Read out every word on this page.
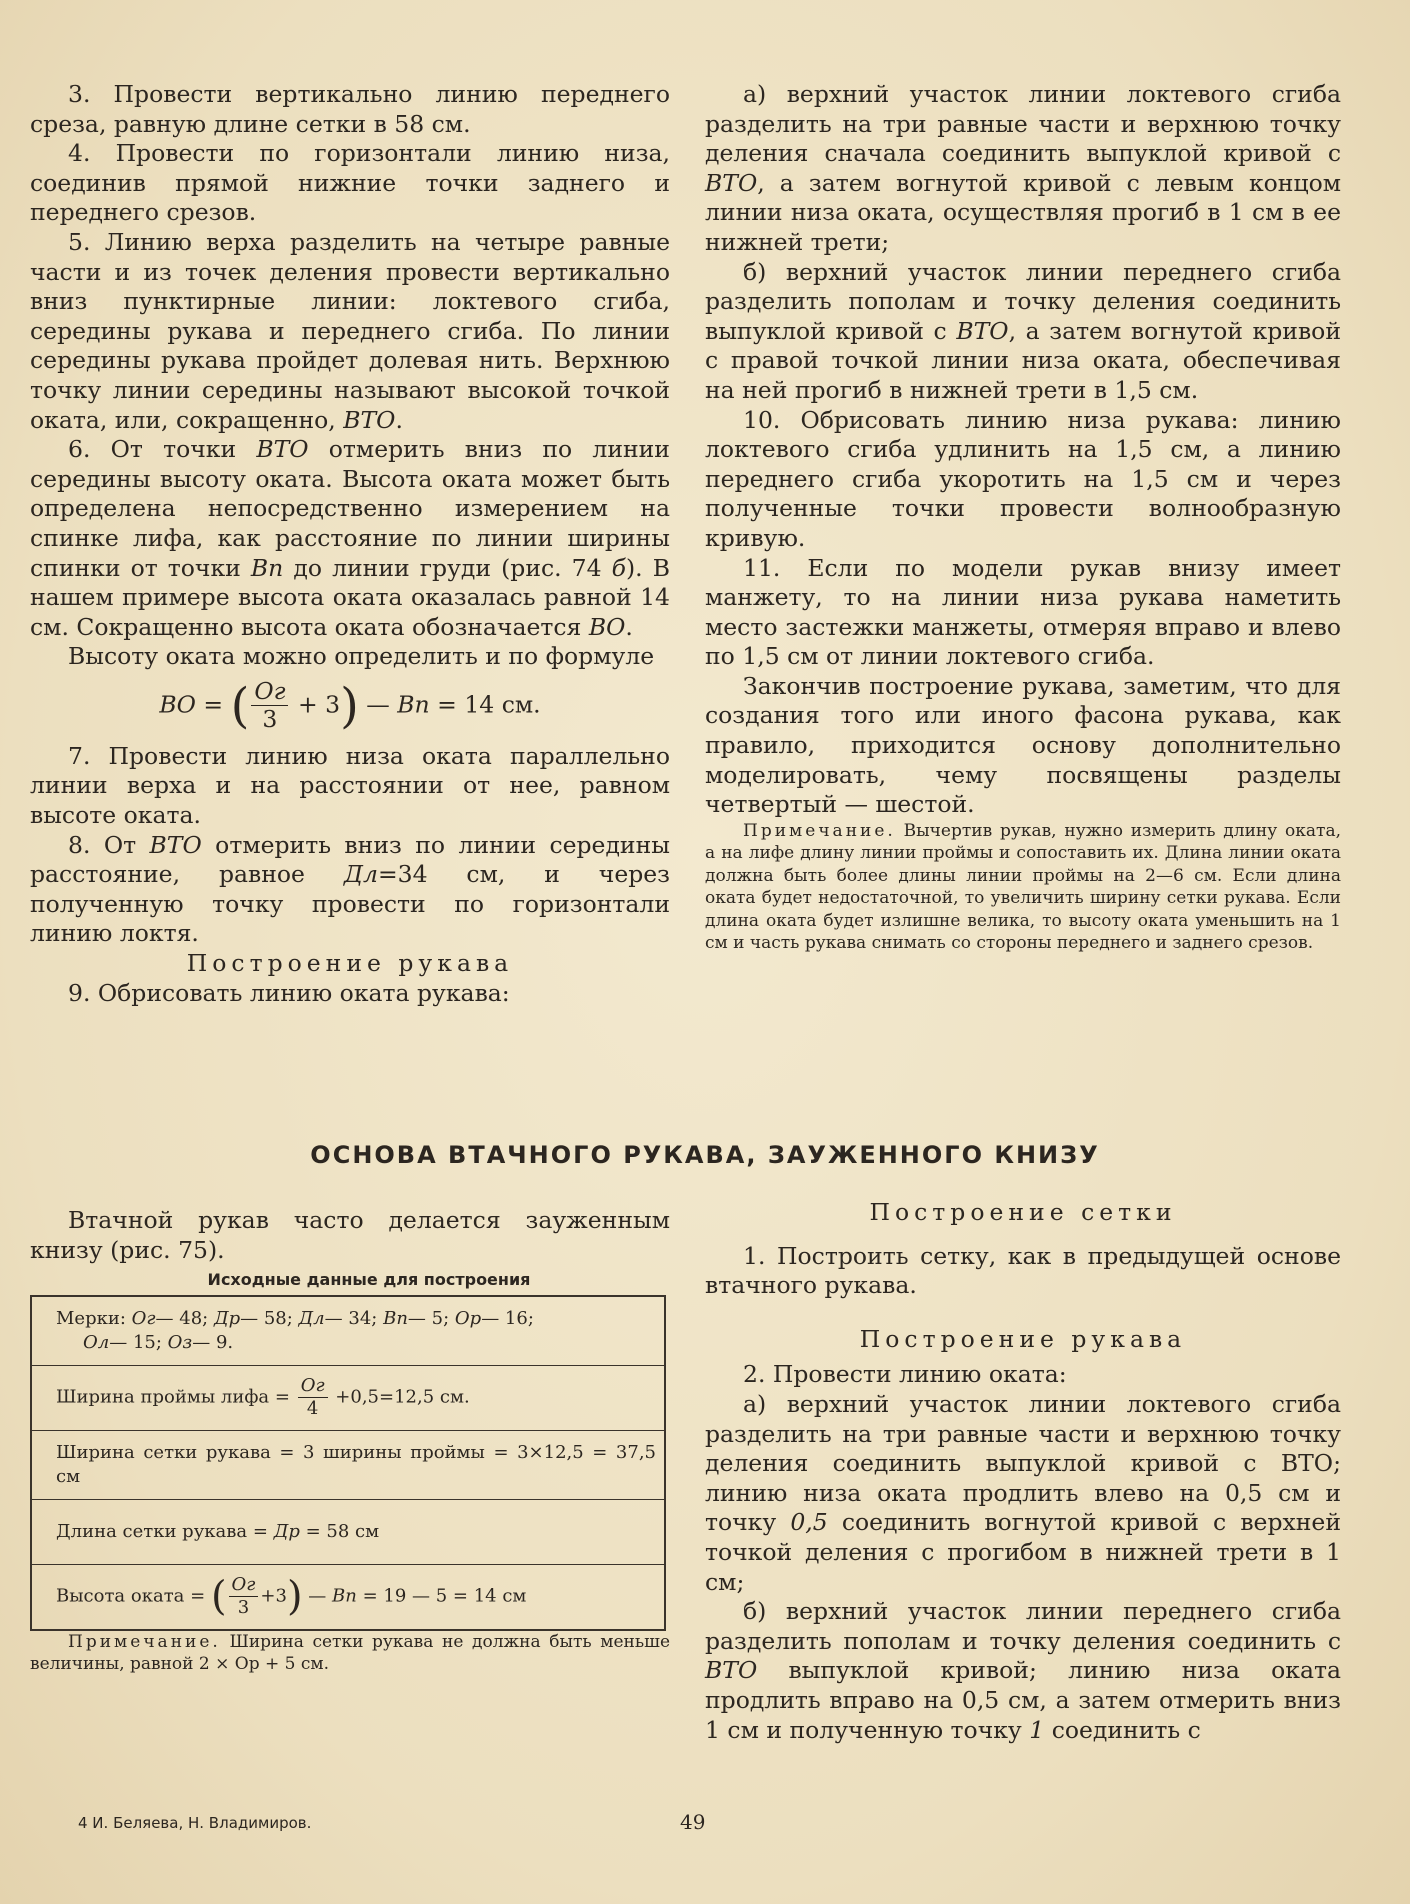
3. Провести вертикально линию переднего среза, равную длине сетки в 58 см.

4. Провести по горизонтали линию низа, соединив прямой нижние точки заднего и переднего срезов.

5. Линию верха разделить на четыре равные части и из точек деления провести вертикально вниз пунктирные линии: локтевого сгиба, середины рукава и переднего сгиба. По линии середины рукава пройдет долевая нить. Верхнюю точку линии середины называют высокой точкой оката, или, сокращенно, ВТО.

6. От точки ВТО отмерить вниз по линии середины высоту оката. Высота оката может быть определена непосредственно измерением на спинке лифа, как расстояние по линии ширины спинки от точки Вп до линии груди (рис. 74 б). В нашем примере высота оката оказалась равной 14 см. Сокращенно высота оката обозначается ВО.

Высоту оката можно определить и по формуле

ВО = ( $\frac{Ог}{3} + 3$) — Вп = 14 см.

7. Провести линию низа оката параллельно линии верха и на расстоянии от нее, равном высоте оката.

8. От ВТО отмерить вниз по линии середины расстояние, равное Дл=34 см, и через полученную точку провести по горизонтали линию локтя.

Построение рукава

9. Обрисовать линию оката рукава:

а) верхний участок линии локтевого сгиба разделить на три равные части и верхнюю точку деления сначала соединить выпуклой кривой с ВТО, а затем вогнутой кривой с левым концом линии низа оката, осуществляя прогиб в 1 см в ее нижней трети;

б) верхний участок линии переднего сгиба разделить пополам и точку деления соединить выпуклой кривой с ВТО, а затем вогнутой кривой с правой точкой линии низа оката, обеспечивая на ней прогиб в нижней трети в 1,5 см.

10. Обрисовать линию низа рукава: линию локтевого сгиба удлинить на 1,5 см, а линию переднего сгиба укоротить на 1,5 см и через полученные точки провести волнообразную кривую.

11. Если по модели рукав внизу имеет манжету, то на линии низа рукава наметить место застежки манжеты, отмеряя вправо и влево по 1,5 см от линии локтевого сгиба.

Закончив построение рукава, заметим, что для создания того или иного фасона рукава, как правило, приходится основу дополнительно моделировать, чему посвящены разделы четвертый — шестой.

Примечание. Вычертив рукав, нужно измерить длину оката, а на лифе длину линии проймы и сопоставить их. Длина линии оката должна быть более длины линии проймы на 2—6 см. Если длина оката будет недостаточной, то увеличить ширину сетки рукава. Если длина оката будет излишне велика, то высоту оката уменьшить на 1 см и часть рукава снимать со стороны переднего и заднего срезов.

ОСНОВА ВТАЧНОГО РУКАВА, ЗАУЖЕННОГО КНИЗУ

Втачной рукав часто делается зауженным книзу (рис. 75).

Исходные данные для построения

Мерки: Ог— 48; Др— 58; Дл— 34; Вп— 5; Ор— 16;
  Ол— 15; Оз— 9.
Ширина проймы лифа = $\frac{Ог}{4} +0,5=12,5$ см.
Ширина сетки рукава = 3 ширины проймы = 3×12,5 = 37,5 см
Длина сетки рукава = Др = 58 см
Высота оката = ( $\frac{Ог}{3} +3$) — Вп = 19 — 5 = 14 см

Примечание. Ширина сетки рукава не должна быть меньше величины, равной 2 × Ор + 5 см.

Построение сетки

1. Построить сетку, как в предыдущей основе втачного рукава.

Построение рукава

2. Провести линию оката:

а) верхний участок линии локтевого сгиба разделить на три равные части и верхнюю точку деления соединить выпуклой кривой с ВТО; линию низа оката продлить влево на 0,5 см и точку 0,5 соединить вогнутой кривой с верхней точкой деления с прогибом в нижней трети в 1 см;

б) верхний участок линии переднего сгиба разделить пополам и точку деления соединить с ВТО выпуклой кривой; линию низа оката продлить вправо на 0,5 см, а затем отмерить вниз 1 см и полученную точку 1 соединить с

4 И. Беляева, Н. Владимиров.	49
